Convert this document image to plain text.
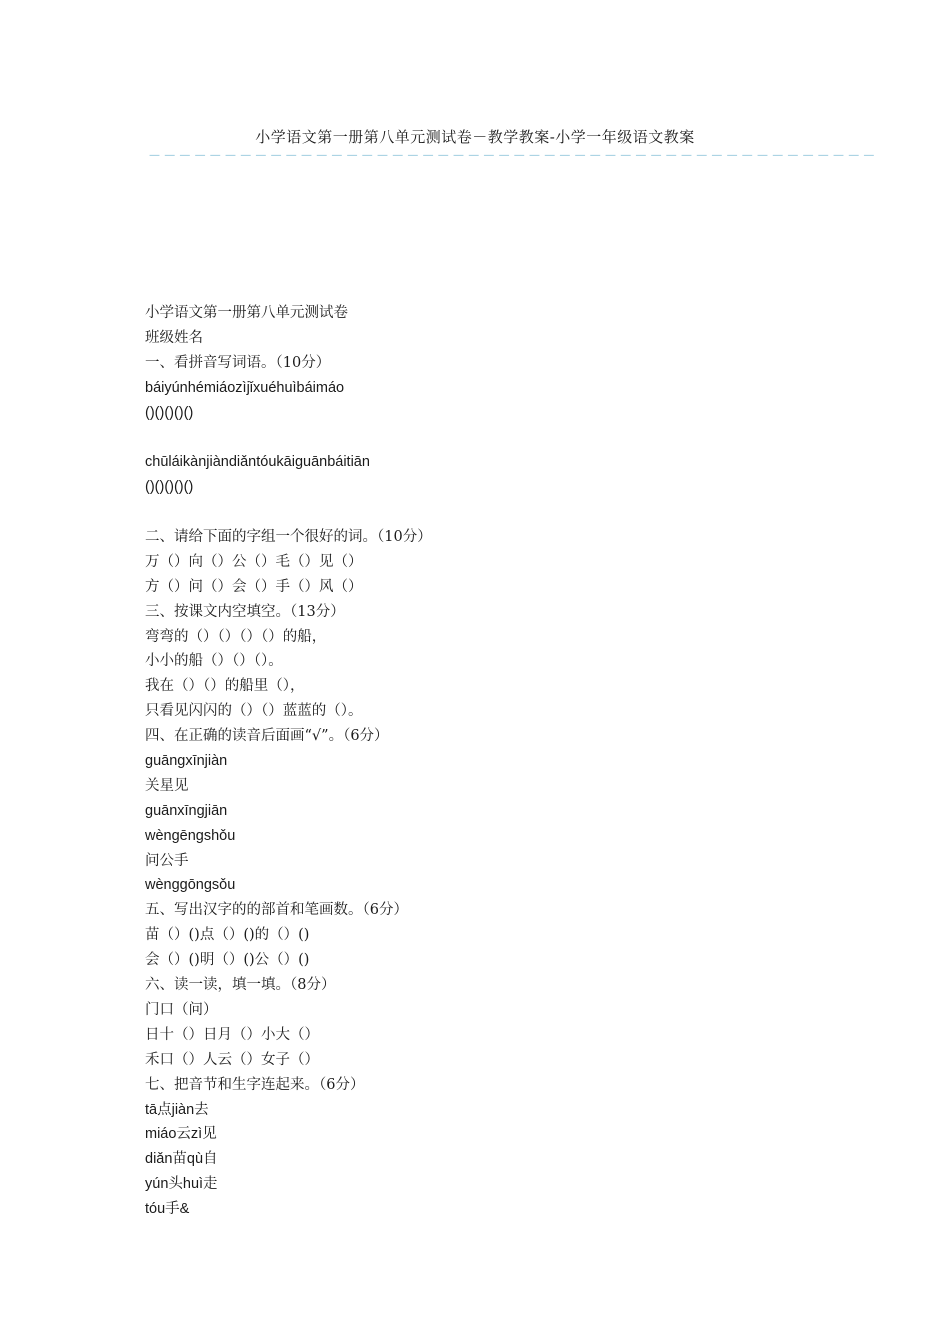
小学语文第一册第八单元测试卷－教学教案-小学一年级语文教案
－－－－－－－－－－－－－－－－－－－－－－－－－－－－－－－－－－－－－－－－－－－－－－－－
小学语文第一册第八单元测试卷
班级姓名
一、看拼音写词语。（10分）
báiyúnhémiáozìjǐxuéhuìbáimáo
()()()()()
chūláikànjiàndiǎntóukāiguānbáitiān
()()()()()
二、请给下面的字组一个很好的词。（10分）
万（）向（）公（）毛（）见（）
方（）问（）会（）手（）风（）
三、按课文内空填空。（13分）
弯弯的（）（）（）（）的船，
小小的船（）（）（）。
我在（）（）的船里（），
只看见闪闪的（）（）蓝蓝的（）。
四、在正确的读音后面画“√”。（6分）
guāngxīnjiàn
关星见
guānxīngjiān
wèngēngshǒu
问公手
wènggōngsǒu
五、写出汉字的的部首和笔画数。（6分）
苗（）()点（）()的（）()
会（）()明（）()公（）()
六、读一读，填一填。（8分）
门口（问）
日十（）日月（）小大（）
禾口（）人云（）女子（）
七、把音节和生字连起来。（6分）
tā点jiàn去
miáo云zì见
diǎn苗qù自
yún头huì走
tóu手&
